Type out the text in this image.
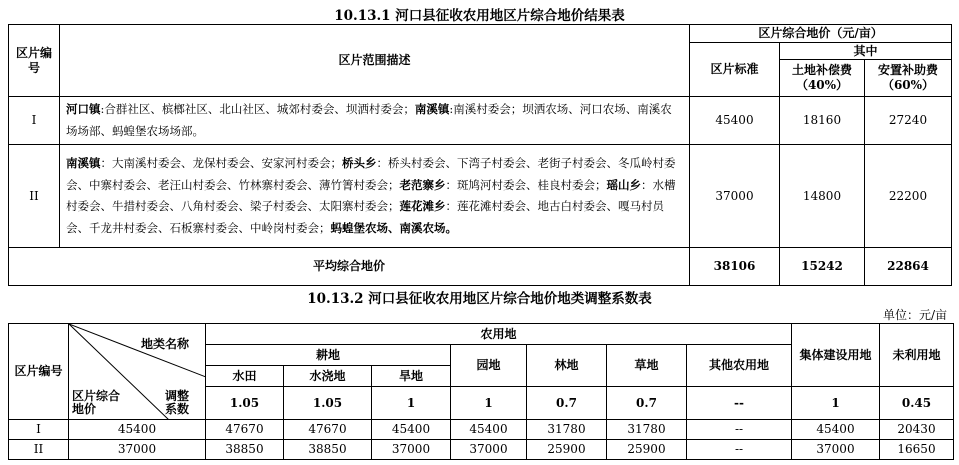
10.13.1 河口县征收农用地区片综合地价结果表
区片编号	区片范围描述	区片综合地价（元/亩）		
		区片标准	其中	
			土地补偿费（40%）	安置补助费（60%）
I	河口镇:合群社区、槟榔社区、北山社区、城郊村委会、坝洒村委会；南溪镇:南溪村委会；坝洒农场、河口农场、南溪农场场部、蚂蝗堡农场场部。	45400	18160	27240
II	南溪镇：大南溪村委会、龙保村委会、安家河村委会；桥头乡：桥头村委会、下湾子村委会、老街子村委会、冬瓜岭村委会、中寨村委会、老汪山村委会、竹林寨村委会、薄竹箐村委会；老范寨乡：斑鸠河村委会、桂良村委会；瑶山乡：水槽村委会、牛措村委会、八角村委会、梁子村委会、太阳寨村委会；莲花滩乡：莲花滩村委会、地古白村委会、嘎马村员会、千龙井村委会、石板寨村委会、中岭岗村委会；蚂蝗堡农场、南溪农场。	37000	14800	22200
平均综合地价		38106	15242	22864
10.13.2 河口县征收农用地区片综合地价地类调整系数表
单位：元/亩
区片编号	地类名称
区片综合地价
调整系数	农用地							集体建设用地	未利用地
		耕地			园地	林地	草地	其他农用地		
		水田	水浇地	旱地						
		1.05	1.05	1	1	0.7	0.7	--	1	0.45
I	45400	47670	47670	45400	45400	31780	31780	--	45400	20430
II	37000	38850	38850	37000	37000	25900	25900	--	37000	16650
